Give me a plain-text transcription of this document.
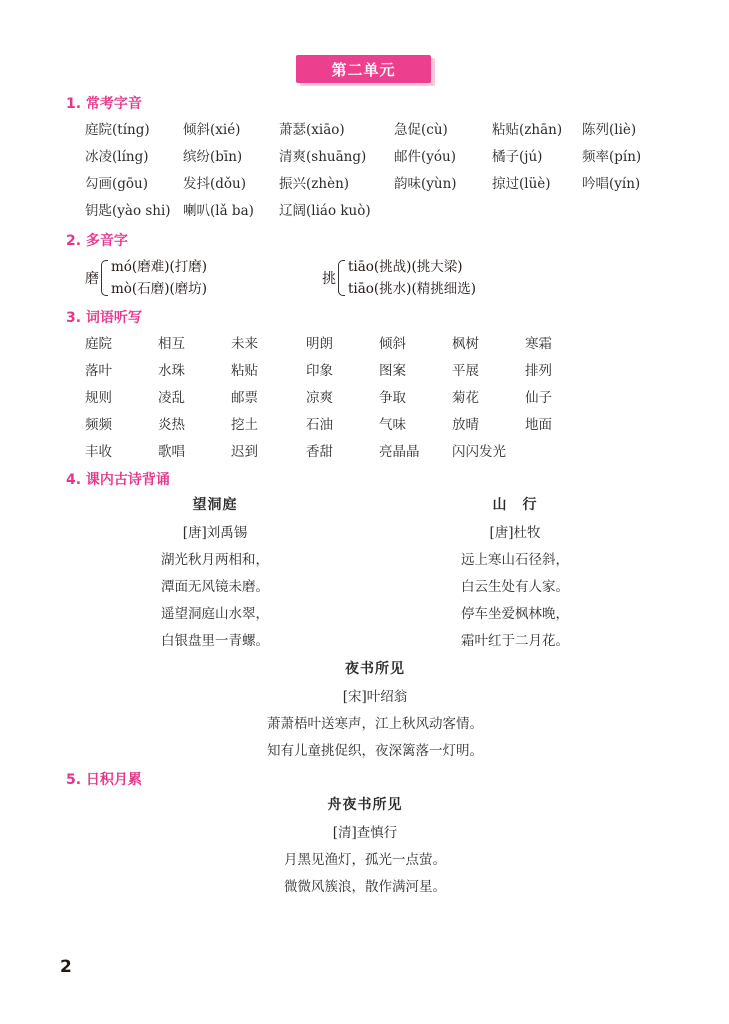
第二单元
1. 常考字音
庭院(tíng)	倾斜(xié)	萧瑟(xiāo)	急促(cù)	粘贴(zhān)	陈列(liè)
冰凌(líng)	缤纷(bīn)	清爽(shuāng)	邮件(yóu)	橘子(jú)	频率(pín)
勾画(gōu)	发抖(dǒu)	振兴(zhèn)	韵味(yùn)	掠过(lüè)	吟唱(yín)
钥匙(yào shi) 喇叭(lǎ ba)	辽阔(liáo kuò)
2. 多音字
磨
mó(磨难)(打磨)
mò(石磨)(磨坊)
挑
tiāo(挑战)(挑大梁)
tiāo(挑水)(精挑细选)
3. 词语听写
庭院	相互	未来	明朗	倾斜	枫树	寒霜
落叶	水珠	粘贴	印象	图案	平展	排列
规则	凌乱	邮票	凉爽	争取	菊花	仙子
频频	炎热	挖土	石油	气味	放晴	地面
丰收	歌唱	迟到	香甜	亮晶晶	闪闪发光
4. 课内古诗背诵
望洞庭
[唐]刘禹锡
湖光秋月两相和，
潭面无风镜未磨。
遥望洞庭山水翠，
白银盘里一青螺。
山　行
[唐]杜牧
远上寒山石径斜，
白云生处有人家。
停车坐爱枫林晚，
霜叶红于二月花。
夜书所见
[宋]叶绍翁
萧萧梧叶送寒声，江上秋风动客情。
知有儿童挑促织，夜深篱落一灯明。
5. 日积月累
舟夜书所见
[清]查慎行
月黑见渔灯，孤光一点萤。
微微风簇浪，散作满河星。
2
